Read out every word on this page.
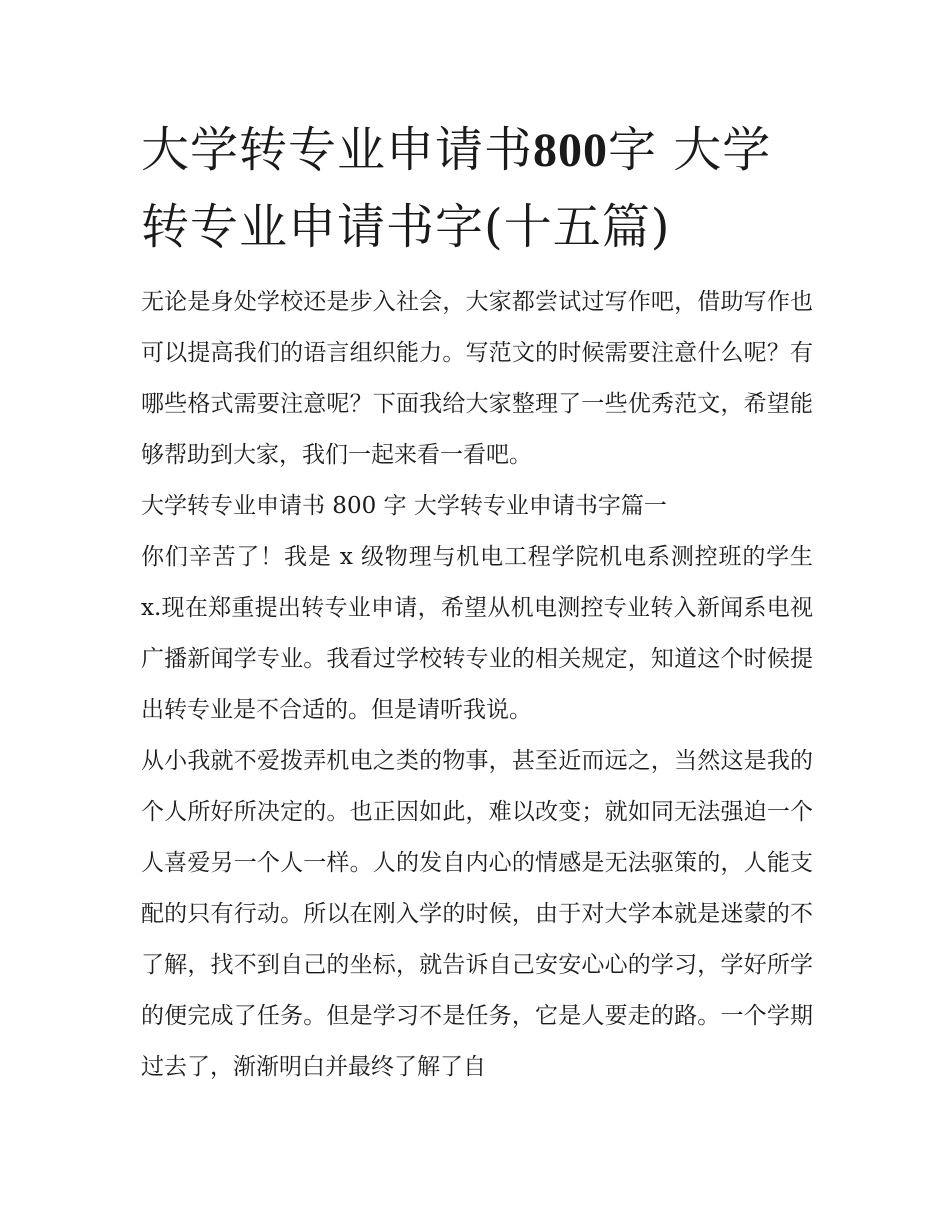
大学转专业申请书800字 大学转专业申请书字(十五篇)

无论是身处学校还是步入社会，大家都尝试过写作吧，借助写作也可以提高我们的语言组织能力。写范文的时候需要注意什么呢？有哪些格式需要注意呢？下面我给大家整理了一些优秀范文，希望能够帮助到大家，我们一起来看一看吧。

大学转专业申请书 800 字 大学转专业申请书字篇一

你们辛苦了！我是 x 级物理与机电工程学院机电系测控班的学生 x.现在郑重提出转专业申请，希望从机电测控专业转入新闻系电视广播新闻学专业。我看过学校转专业的相关规定，知道这个时候提出转专业是不合适的。但是请听我说。

从小我就不爱拨弄机电之类的物事，甚至近而远之，当然这是我的个人所好所决定的。也正因如此，难以改变；就如同无法强迫一个人喜爱另一个人一样。人的发自内心的情感是无法驱策的，人能支配的只有行动。所以在刚入学的时候，由于对大学本就是迷蒙的不了解，找不到自己的坐标，就告诉自己安安心心的学习，学好所学的便完成了任务。但是学习不是任务，它是人要走的路。一个学期过去了，渐渐明白并最终了解了自
